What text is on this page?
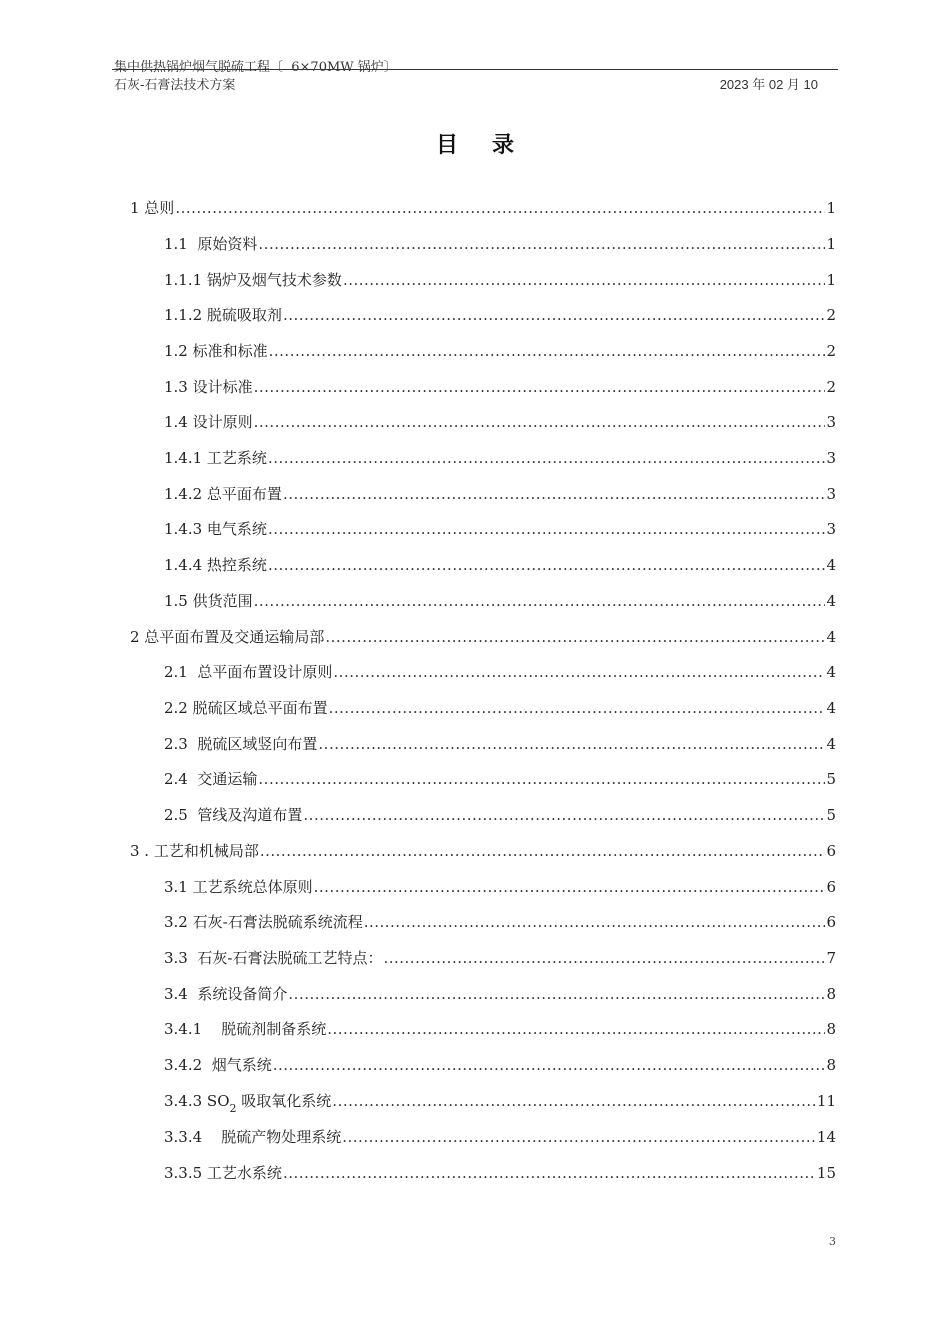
集中供热锅炉烟气脱硫工程〔  6×70MW 锅炉〕
石灰-石膏法技术方案	2023 年 02 月 10
目录
1 总则 .....	1
1.1  原始资料 .....	1
1.1.1 锅炉及烟气技术参数 .....	1
1.1.2 脱硫吸取剂 .....	2
1.2 标准和标准 .....	2
1.3 设计标准 .....	2
1.4 设计原则 .....	3
1.4.1 工艺系统 .....	3
1.4.2 总平面布置 .....	3
1.4.3 电气系统 .....	3
1.4.4 热控系统 .....	4
1.5 供货范围 .....	4
2 总平面布置及交通运输局部 .....	4
2.1  总平面布置设计原则 .....	4
2.2 脱硫区域总平面布置 .....	4
2.3  脱硫区域竖向布置 .....	4
2.4  交通运输 .....	5
2.5  管线及沟道布置 .....	5
3 . 工艺和机械局部 .....	6
3.1 工艺系统总体原则 .....	6
3.2 石灰-石膏法脱硫系统流程 .....	6
3.3  石灰-石膏法脱硫工艺特点： .....	7
3.4  系统设备简介 .....	8
3.4.1    脱硫剂制备系统 .....	8
3.4.2  烟气系统 .....	8
3.4.3 $SO_2$ 吸取氧化系统 .....	11
3.3.4    脱硫产物处理系统 .....	14
3.3.5 工艺水系统 .....	15
3
